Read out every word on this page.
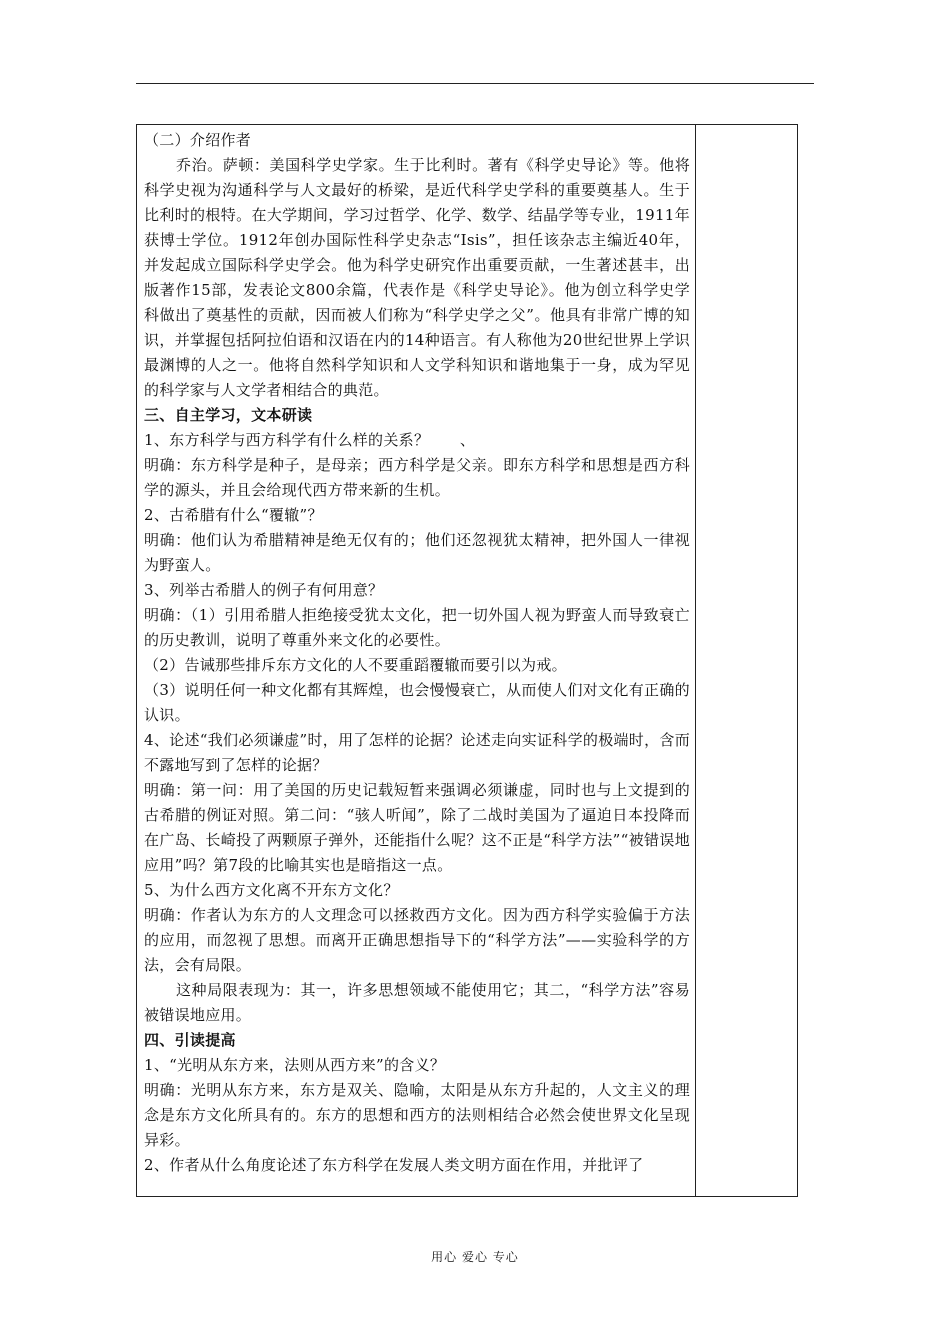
（二）介绍作者

乔治。萨顿：美国科学史学家。生于比利时。著有《科学史导论》等。他将科学史视为沟通科学与人文最好的桥梁，是近代科学史学科的重要奠基人。生于比利时的根特。在大学期间，学习过哲学、化学、数学、结晶学等专业，1911年获博士学位。1912年创办国际性科学史杂志“Isis”，担任该杂志主编近40年，并发起成立国际科学史学会。他为科学史研究作出重要贡献，一生著述甚丰，出版著作15部，发表论文800余篇，代表作是《科学史导论》。他为创立科学史学科做出了奠基性的贡献，因而被人们称为“科学史学之父”。他具有非常广博的知识，并掌握包括阿拉伯语和汉语在内的14种语言。有人称他为20世纪世界上学识最渊博的人之一。他将自然科学知识和人文学科知识和谐地集于一身，成为罕见的科学家与人文学者相结合的典范。

三、自主学习，文本研读

1、东方科学与西方科学有什么样的关系？　　、

明确：东方科学是种子，是母亲；西方科学是父亲。即东方科学和思想是西方科学的源头，并且会给现代西方带来新的生机。

2、古希腊有什么“覆辙”？

明确：他们认为希腊精神是绝无仅有的；他们还忽视犹太精神，把外国人一律视为野蛮人。

3、列举古希腊人的例子有何用意？

明确：（1）引用希腊人拒绝接受犹太文化，把一切外国人视为野蛮人而导致衰亡的历史教训，说明了尊重外来文化的必要性。

（2）告诫那些排斥东方文化的人不要重蹈覆辙而要引以为戒。

（3）说明任何一种文化都有其辉煌，也会慢慢衰亡，从而使人们对文化有正确的认识。

4、论述“我们必须谦虚”时，用了怎样的论据？论述走向实证科学的极端时，含而不露地写到了怎样的论据？

明确：第一问：用了美国的历史记载短暂来强调必须谦虚，同时也与上文提到的古希腊的例证对照。第二问：“骇人听闻”，除了二战时美国为了逼迫日本投降而在广岛、长崎投了两颗原子弹外，还能指什么呢？这不正是“科学方法”“被错误地应用”吗？第7段的比喻其实也是暗指这一点。

5、为什么西方文化离不开东方文化？

明确：作者认为东方的人文理念可以拯救西方文化。因为西方科学实验偏于方法的应用，而忽视了思想。而离开正确思想指导下的“科学方法”——实验科学的方法，会有局限。

这种局限表现为：其一，许多思想领域不能使用它；其二，“科学方法”容易被错误地应用。

四、引读提高

1、“光明从东方来，法则从西方来”的含义？

明确：光明从东方来，东方是双关、隐喻，太阳是从东方升起的，人文主义的理念是东方文化所具有的。东方的思想和西方的法则相结合必然会使世界文化呈现异彩。

2、作者从什么角度论述了东方科学在发展人类文明方面在作用，并批评了

用心 爱心 专心
